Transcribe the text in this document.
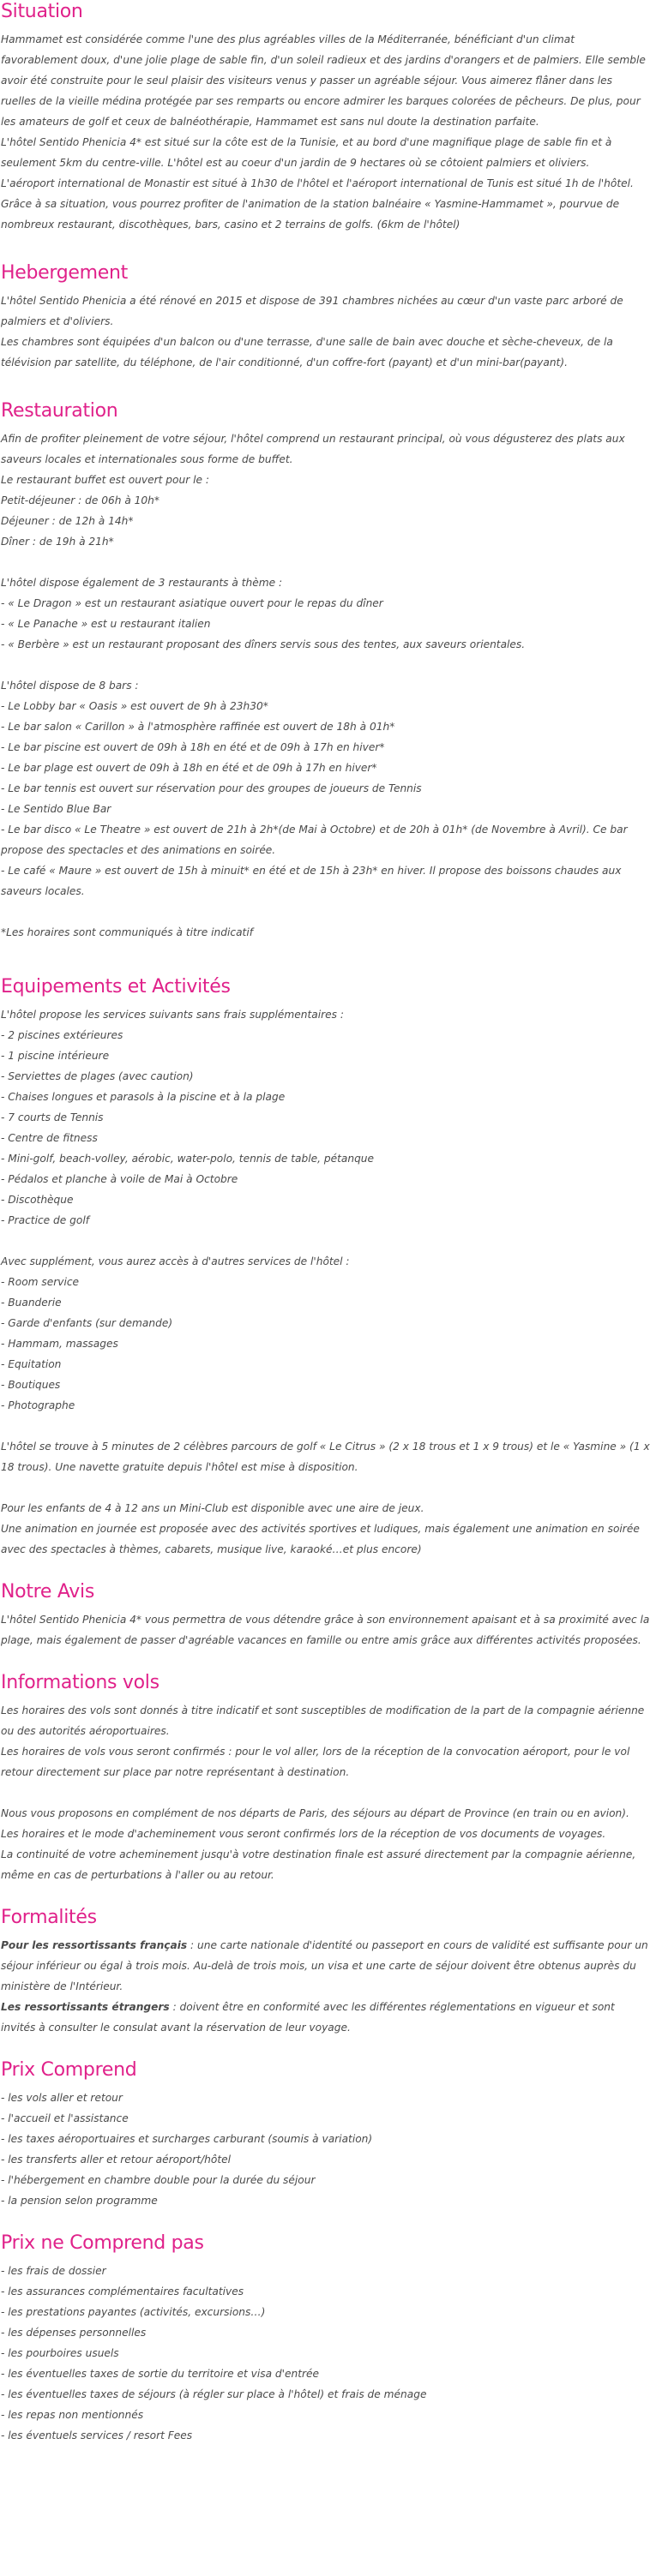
Situation

Hammamet est considérée comme l'une des plus agréables villes de la Méditerranée, bénéficiant d'un climat favorablement doux, d'une jolie plage de sable fin, d'un soleil radieux et des jardins d'orangers et de palmiers. Elle semble avoir été construite pour le seul plaisir des visiteurs venus y passer un agréable séjour. Vous aimerez flâner dans les ruelles de la vieille médina protégée par ses remparts ou encore admirer les barques colorées de pêcheurs. De plus, pour les amateurs de golf et ceux de balnéothérapie, Hammamet est sans nul doute la destination parfaite.

L'hôtel Sentido Phenicia 4* est situé sur la côte est de la Tunisie, et au bord d'une magnifique plage de sable fin et à seulement 5km du centre-ville. L'hôtel est au coeur d'un jardin de 9 hectares où se côtoient palmiers et oliviers.

L'aéroport international de Monastir est situé à 1h30 de l'hôtel et l'aéroport international de Tunis est situé 1h de l'hôtel. Grâce à sa situation, vous pourrez profiter de l'animation de la station balnéaire « Yasmine-Hammamet », pourvue de nombreux restaurant, discothèques, bars, casino et 2 terrains de golfs. (6km de l'hôtel)

Hebergement

L'hôtel Sentido Phenicia a été rénové en 2015 et dispose de 391 chambres nichées au cœur d'un vaste parc arboré de palmiers et d'oliviers.

Les chambres sont équipées d'un balcon ou d'une terrasse, d'une salle de bain avec douche et sèche-cheveux, de la télévision par satellite, du téléphone, de l'air conditionné, d'un coffre-fort (payant) et d'un mini-bar(payant).

Restauration

Afin de profiter pleinement de votre séjour, l'hôtel comprend un restaurant principal, où vous dégusterez des plats aux saveurs locales et internationales sous forme de buffet.

Le restaurant buffet est ouvert pour le :

Petit-déjeuner : de 06h à 10h*

Déjeuner : de 12h à 14h*

Dîner : de 19h à 21h*

L'hôtel dispose également de 3 restaurants à thème :

- « Le Dragon » est un restaurant asiatique ouvert pour le repas du dîner

- « Le Panache » est u restaurant italien

- « Berbère » est un restaurant proposant des dîners servis sous des tentes, aux saveurs orientales.

L'hôtel dispose de 8 bars :

- Le Lobby bar « Oasis » est ouvert de 9h à 23h30*

- Le bar salon « Carillon » à l'atmosphère raffinée est ouvert de 18h à 01h*

- Le bar piscine est ouvert de 09h à 18h en été et de 09h à 17h en hiver*

- Le bar plage est ouvert de 09h à 18h en été et de 09h à 17h en hiver*

- Le bar tennis est ouvert sur réservation pour des groupes de joueurs de Tennis

- Le Sentido Blue Bar

- Le bar disco « Le Theatre » est ouvert de 21h à 2h*(de Mai à Octobre) et de 20h à 01h* (de Novembre à Avril). Ce bar propose des spectacles et des animations en soirée.

- Le café « Maure » est ouvert de 15h à minuit* en été et de 15h à 23h* en hiver. Il propose des boissons chaudes aux saveurs locales.

*Les horaires sont communiqués à titre indicatif

Equipements et Activités

L'hôtel propose les services suivants sans frais supplémentaires :

- 2 piscines extérieures

- 1 piscine intérieure

- Serviettes de plages (avec caution)

- Chaises longues et parasols à la piscine et à la plage

- 7 courts de Tennis

- Centre de fitness

- Mini-golf, beach-volley, aérobic, water-polo, tennis de table, pétanque

- Pédalos et planche à voile de Mai à Octobre

- Discothèque

- Practice de golf

Avec supplément, vous aurez accès à d'autres services de l'hôtel :

- Room service

- Buanderie

- Garde d'enfants (sur demande)

- Hammam, massages

- Equitation

- Boutiques

- Photographe

L'hôtel se trouve à 5 minutes de 2 célèbres parcours de golf « Le Citrus » (2 x 18 trous et 1 x 9 trous) et le « Yasmine » (1 x 18 trous). Une navette gratuite depuis l'hôtel est mise à disposition.

Pour les enfants de 4 à 12 ans un Mini-Club est disponible avec une aire de jeux.

Une animation en journée est proposée avec des activités sportives et ludiques, mais également une animation en soirée avec des spectacles à thèmes, cabarets, musique live, karaoké…et plus encore)

Notre Avis

L'hôtel Sentido Phenicia 4* vous permettra de vous détendre grâce à son environnement apaisant et à sa proximité avec la plage, mais également de passer d'agréable vacances en famille ou entre amis grâce aux différentes activités proposées.

Informations vols

Les horaires des vols sont donnés à titre indicatif et sont susceptibles de modification de la part de la compagnie aérienne ou des autorités aéroportuaires.

Les horaires de vols vous seront confirmés : pour le vol aller, lors de la réception de la convocation aéroport, pour le vol retour directement sur place par notre représentant à destination.

Nous vous proposons en complément de nos départs de Paris, des séjours au départ de Province (en train ou en avion).

Les horaires et le mode d'acheminement vous seront confirmés lors de la réception de vos documents de voyages.

La continuité de votre acheminement jusqu'à votre destination finale est assuré directement par la compagnie aérienne, même en cas de perturbations à l'aller ou au retour.

Formalités

Pour les ressortissants français : une carte nationale d'identité ou passeport en cours de validité est suffisante pour un séjour inférieur ou égal à trois mois. Au-delà de trois mois, un visa et une carte de séjour doivent être obtenus auprès du ministère de l'Intérieur.

Les ressortissants étrangers : doivent être en conformité avec les différentes réglementations en vigueur et sont invités à consulter le consulat avant la réservation de leur voyage.

Prix Comprend

- les vols aller et retour

- l'accueil et l'assistance

- les taxes aéroportuaires et surcharges carburant (soumis à variation)

- les transferts aller et retour aéroport/hôtel

- l'hébergement en chambre double pour la durée du séjour

- la pension selon programme

Prix ne Comprend pas

- les frais de dossier

- les assurances complémentaires facultatives

- les prestations payantes (activités, excursions…)

- les dépenses personnelles

- les pourboires usuels

- les éventuelles taxes de sortie du territoire et visa d'entrée

- les éventuelles taxes de séjours (à régler sur place à l'hôtel) et frais de ménage

- les repas non mentionnés

- les éventuels services / resort Fees
